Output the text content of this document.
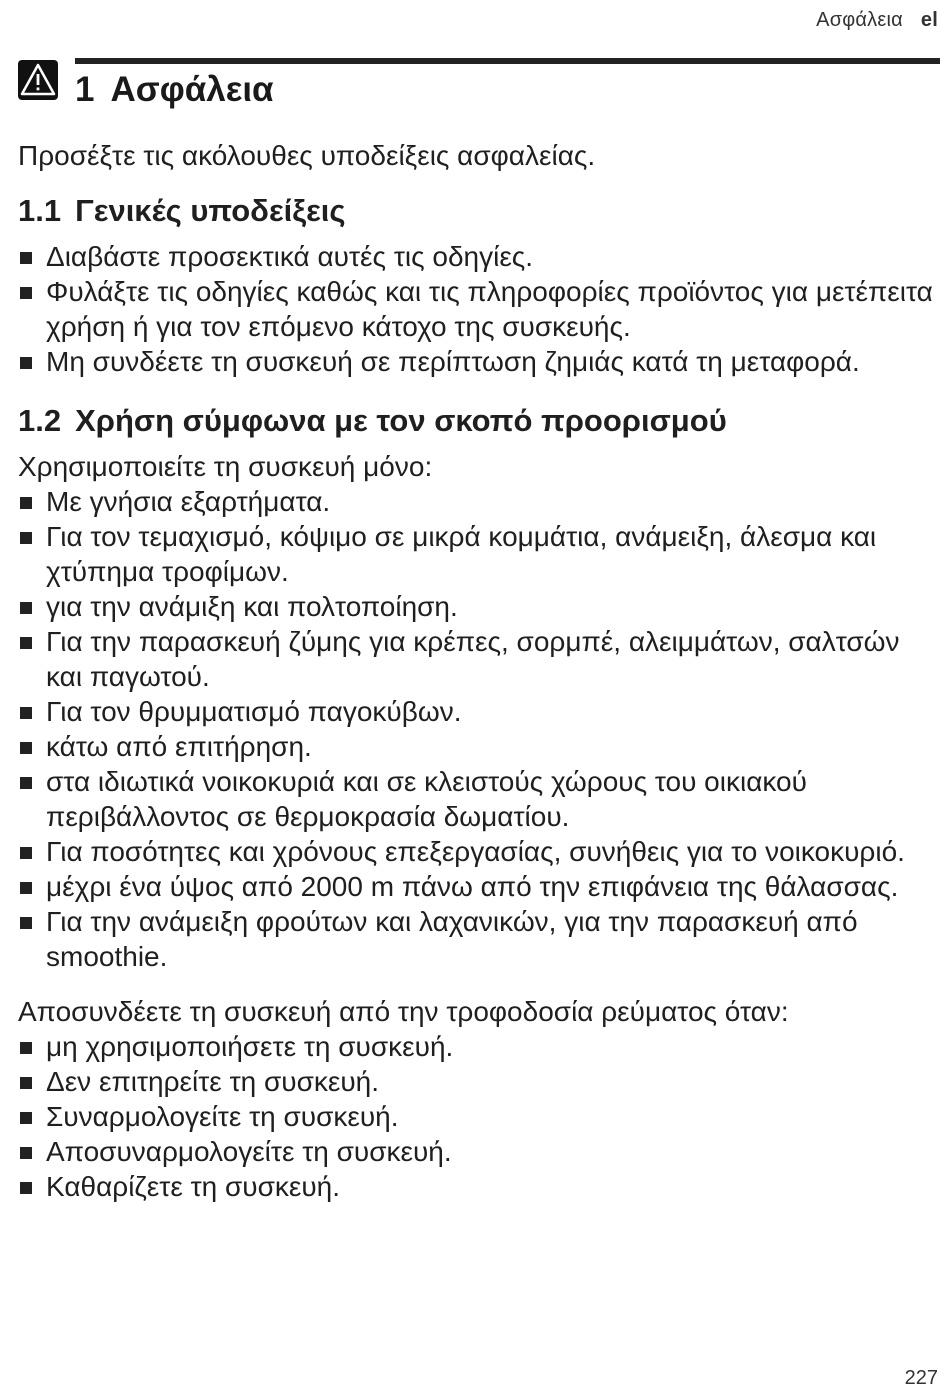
Ασφάλεια el
1 Ασφάλεια

Προσέξτε τις ακόλουθες υποδείξεις ασφαλείας.

1.1 Γενικές υποδείξεις
Διαβάστε προσεκτικά αυτές τις οδηγίες.
Φυλάξτε τις οδηγίες καθώς και τις πληροφορίες προϊόντος για μετέπειτα χρήση ή για τον επόμενο κάτοχο της συσκευής.
Μη συνδέετε τη συσκευή σε περίπτωση ζημιάς κατά τη μεταφορά.
1.2 Χρήση σύμφωνα με τον σκοπό προορισμού

Χρησιμοποιείτε τη συσκευή μόνο:

Με γνήσια εξαρτήματα.
Για τον τεμαχισμό, κόψιμο σε μικρά κομμάτια, ανάμειξη, άλεσμα και χτύπημα τροφίμων.
για την ανάμιξη και πολτοποίηση.
Για την παρασκευή ζύμης για κρέπες, σορμπέ, αλειμμάτων, σαλτσών και παγωτού.
Για τον θρυμματισμό παγοκύβων.
κάτω από επιτήρηση.
στα ιδιωτικά νοικοκυριά και σε κλειστούς χώρους του οικιακού περιβάλλοντος σε θερμοκρασία δωματίου.
Για ποσότητες και χρόνους επεξεργασίας, συνήθεις για το νοικοκυριό.
μέχρι ένα ύψος από 2000 m πάνω από την επιφάνεια της θάλασσας.
Για την ανάμειξη φρούτων και λαχανικών, για την παρασκευή από smoothie.

Αποσυνδέετε τη συσκευή από την τροφοδοσία ρεύματος όταν:

μη χρησιμοποιήσετε τη συσκευή.
Δεν επιτηρείτε τη συσκευή.
Συναρμολογείτε τη συσκευή.
Αποσυναρμολογείτε τη συσκευή.
Καθαρίζετε τη συσκευή.
227
